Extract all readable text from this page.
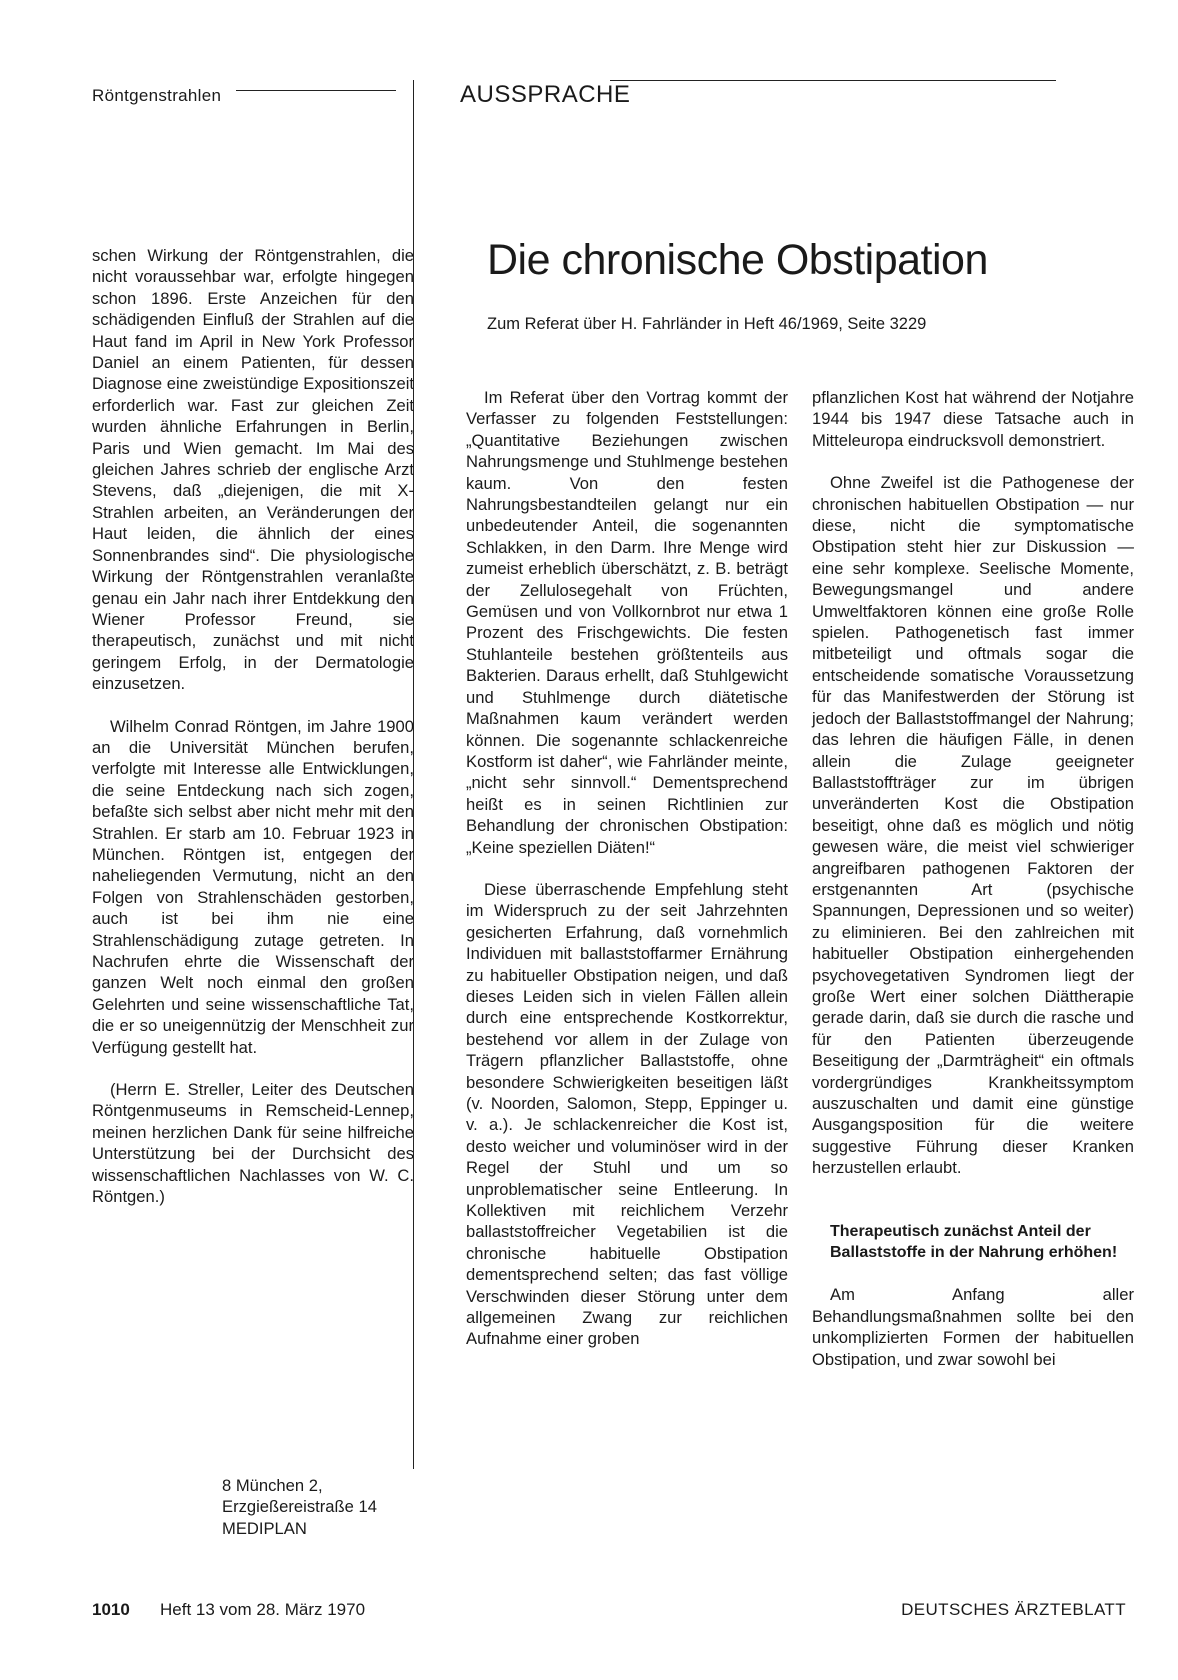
Röntgenstrahlen	AUSSPRACHE
Die chronische Obstipation
Zum Referat über H. Fahrländer in Heft 46/1969, Seite 3229

schen Wirkung der Röntgenstrahlen, die nicht voraussehbar war, erfolgte hingegen schon 1896. Erste Anzeichen für den schädigenden Einfluß der Strahlen auf die Haut fand im April in New York Professor Daniel an einem Patienten, für dessen Diagnose eine zweistündige Expositionszeit erforderlich war. Fast zur gleichen Zeit wurden ähnliche Erfahrungen in Berlin, Paris und Wien gemacht. Im Mai des gleichen Jahres schrieb der englische Arzt Stevens, daß „diejenigen, die mit X-Strahlen arbeiten, an Veränderungen der Haut leiden, die ähnlich der eines Sonnenbrandes sind“. Die physiologische Wirkung der Röntgenstrahlen veranlaßte genau ein Jahr nach ihrer Entdekkung den Wiener Professor Freund, sie therapeutisch, zunächst und mit nicht geringem Erfolg, in der Dermatologie einzusetzen.

Wilhelm Conrad Röntgen, im Jahre 1900 an die Universität München berufen, verfolgte mit Interesse alle Entwicklungen, die seine Entdeckung nach sich zogen, befaßte sich selbst aber nicht mehr mit den Strahlen. Er starb am 10. Februar 1923 in München. Röntgen ist, entgegen der naheliegenden Vermutung, nicht an den Folgen von Strahlenschäden gestorben, auch ist bei ihm nie eine Strahlenschädigung zutage getreten. In Nachrufen ehrte die Wissenschaft der ganzen Welt noch einmal den großen Gelehrten und seine wissenschaftliche Tat, die er so uneigennützig der Menschheit zur Verfügung gestellt hat.

(Herrn E. Streller, Leiter des Deutschen Röntgenmuseums in Remscheid-Lennep, meinen herzlichen Dank für seine hilfreiche Unterstützung bei der Durchsicht des wissenschaftlichen Nachlasses von W. C. Röntgen.)

8 München 2,
Erzgießereistraße 14
MEDIPLAN

Im Referat über den Vortrag kommt der Verfasser zu folgenden Feststellungen: „Quantitative Beziehungen zwischen Nahrungsmenge und Stuhlmenge bestehen kaum. Von den festen Nahrungsbestandteilen gelangt nur ein unbedeutender Anteil, die sogenannten Schlakken, in den Darm. Ihre Menge wird zumeist erheblich überschätzt, z. B. beträgt der Zellulosegehalt von Früchten, Gemüsen und von Vollkornbrot nur etwa 1 Prozent des Frischgewichts. Die festen Stuhlanteile bestehen größtenteils aus Bakterien. Daraus erhellt, daß Stuhlgewicht und Stuhlmenge durch diätetische Maßnahmen kaum verändert werden können. Die sogenannte schlackenreiche Kostform ist daher“, wie Fahrländer meinte, „nicht sehr sinnvoll.“ Dementsprechend heißt es in seinen Richtlinien zur Behandlung der chronischen Obstipation: „Keine speziellen Diäten!“

Diese überraschende Empfehlung steht im Widerspruch zu der seit Jahrzehnten gesicherten Erfahrung, daß vornehmlich Individuen mit ballaststoffarmer Ernährung zu habitueller Obstipation neigen, und daß dieses Leiden sich in vielen Fällen allein durch eine entsprechende Kostkorrektur, bestehend vor allem in der Zulage von Trägern pflanzlicher Ballaststoffe, ohne besondere Schwierigkeiten beseitigen läßt (v. Noorden, Salomon, Stepp, Eppinger u. v. a.). Je schlackenreicher die Kost ist, desto weicher und voluminöser wird in der Regel der Stuhl und um so unproblematischer seine Entleerung. In Kollektiven mit reichlichem Verzehr ballaststoffreicher Vegetabilien ist die chronische habituelle Obstipation dementsprechend selten; das fast völlige Verschwinden dieser Störung unter dem allgemeinen Zwang zur reichlichen Aufnahme einer groben

pflanzlichen Kost hat während der Notjahre 1944 bis 1947 diese Tatsache auch in Mitteleuropa eindrucksvoll demonstriert.

Ohne Zweifel ist die Pathogenese der chronischen habituellen Obstipation — nur diese, nicht die symptomatische Obstipation steht hier zur Diskussion — eine sehr komplexe. Seelische Momente, Bewegungsmangel und andere Umweltfaktoren können eine große Rolle spielen. Pathogenetisch fast immer mitbeteiligt und oftmals sogar die entscheidende somatische Voraussetzung für das Manifestwerden der Störung ist jedoch der Ballaststoffmangel der Nahrung; das lehren die häufigen Fälle, in denen allein die Zulage geeigneter Ballaststoffträger zur im übrigen unveränderten Kost die Obstipation beseitigt, ohne daß es möglich und nötig gewesen wäre, die meist viel schwieriger angreifbaren pathogenen Faktoren der erstgenannten Art (psychische Spannungen, Depressionen und so weiter) zu eliminieren. Bei den zahlreichen mit habitueller Obstipation einhergehenden psychovegetativen Syndromen liegt der große Wert einer solchen Diättherapie gerade darin, daß sie durch die rasche und für den Patienten überzeugende Beseitigung der „Darmträgheit“ ein oftmals vordergründiges Krankheitssymptom auszuschalten und damit eine günstige Ausgangsposition für die weitere suggestive Führung dieser Kranken herzustellen erlaubt.

Therapeutisch zunächst Anteil der Ballaststoffe in der Nahrung erhöhen!

Am Anfang aller Behandlungsmaßnahmen sollte bei den unkomplizierten Formen der habituellen Obstipation, und zwar sowohl bei

1010 Heft 13 vom 28. März 1970	DEUTSCHES ÄRZTEBLATT
